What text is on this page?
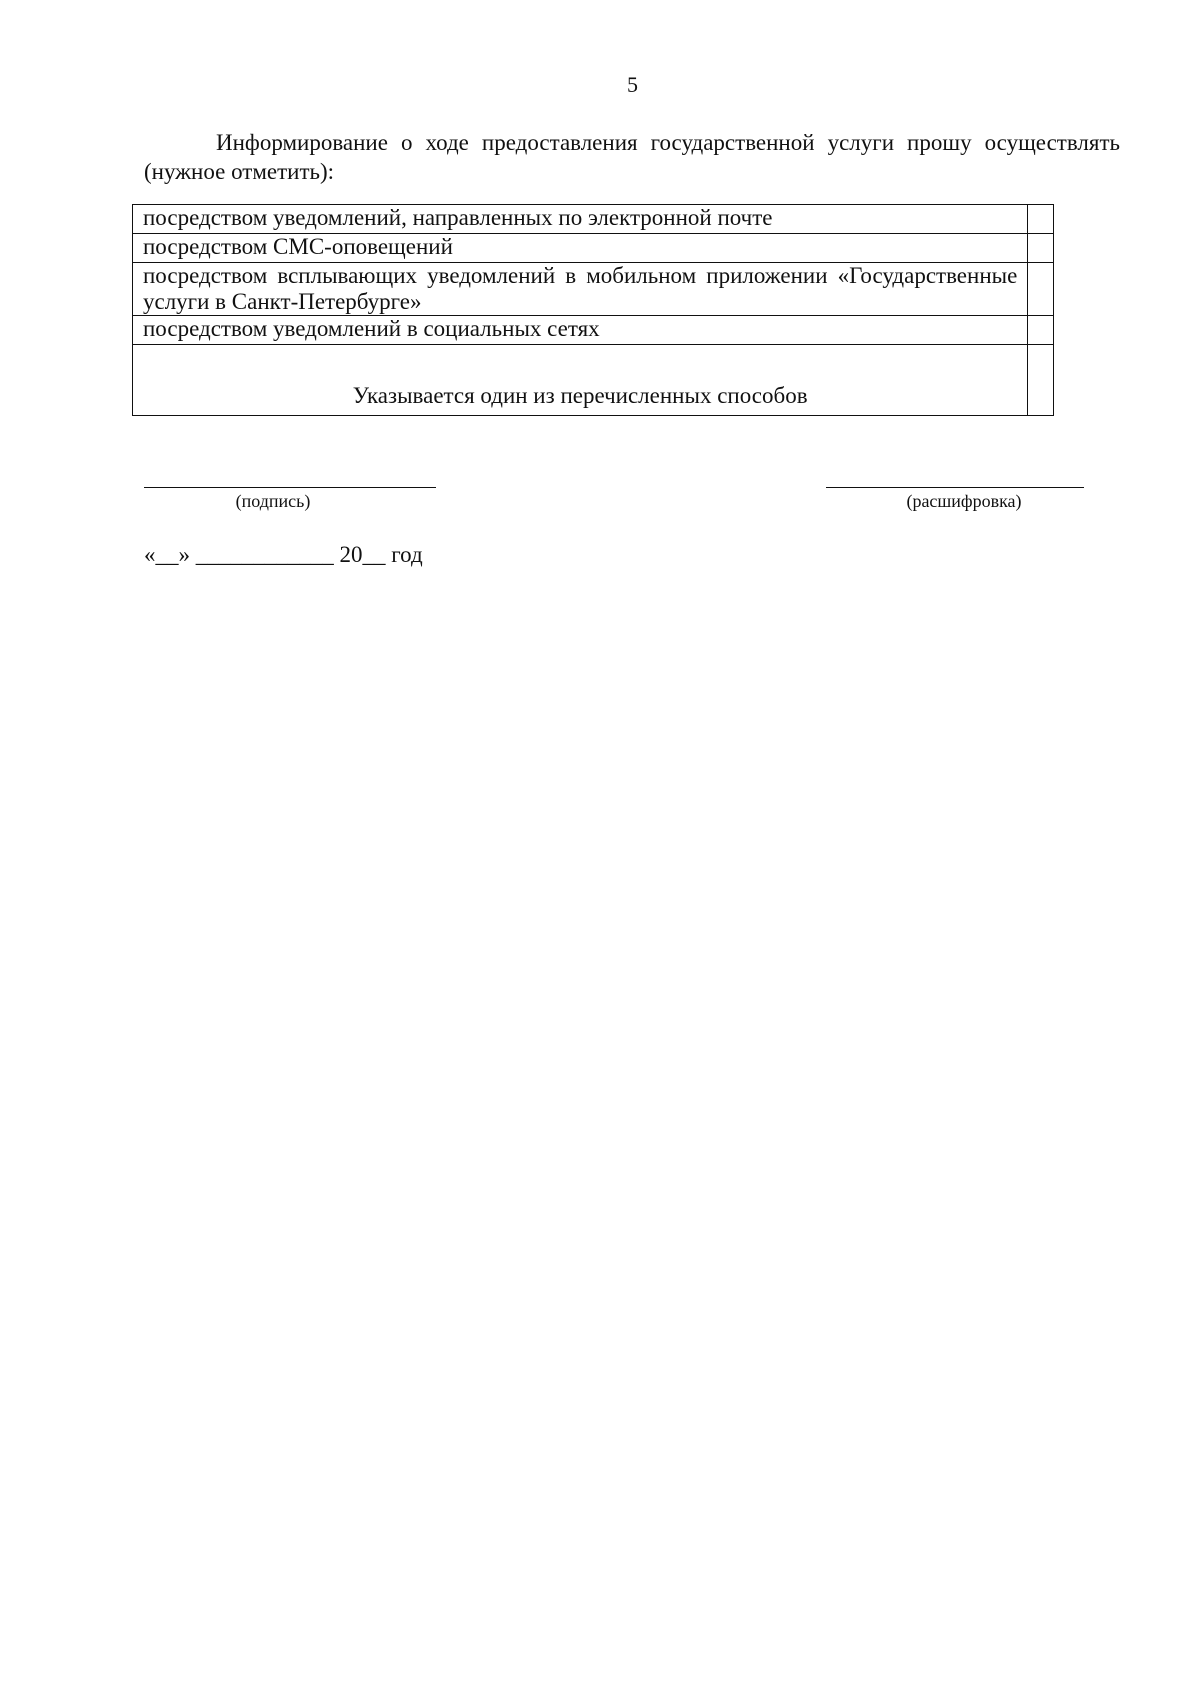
5

Информирование о ходе предоставления государственной услуги прошу осуществлять (нужное отметить):

посредством уведомлений, направленных по электронной почте	
посредством СМС-оповещений	
посредством всплывающих уведомлений в мобильном приложении «Государственные услуги в Санкт-Петербурге»	
посредством уведомлений в социальных сетях	
Указывается один из перечисленных способов	
(подпись)	(расшифровка)
«__» ____________ 20__ год
